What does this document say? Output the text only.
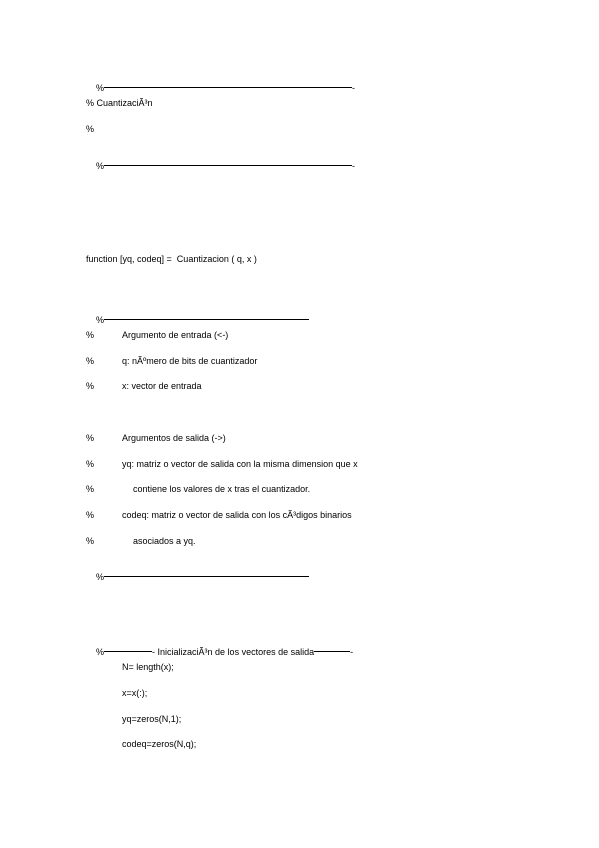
%	-

% CuantizaciÃ³n
%

%	-

function [yq, codeq] =  Cuantizacion ( q, x )

%

%	Argumento de entrada (<-)
%	q: nÃºmero de bits de cuantizador
%	x: vector de entrada
%	Argumentos de salida (->)
%	yq: matriz o vector de salida con la misma dimension que x
%	contiene los valores de x tras el cuantizador.
%	codeq: matriz o vector de salida con los cÃ³digos binarios
%	asociados a yq.

%

%	- InicializaciÃ³n de los vectores de salida	-

N= length(x);
x=x(:);
yq=zeros(N,1);
codeq=zeros(N,q);
